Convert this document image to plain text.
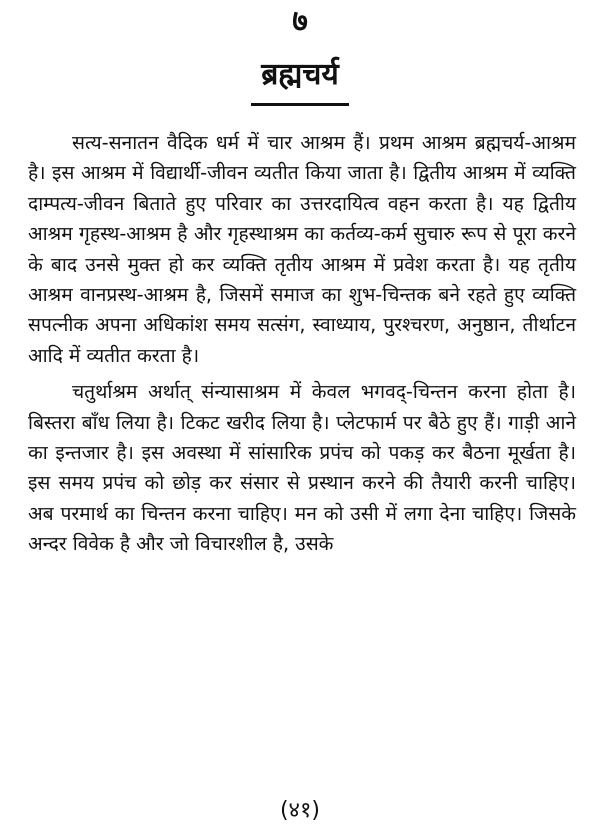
७
ब्रह्मचर्य

सत्य-सनातन वैदिक धर्म में चार आश्रम हैं। प्रथम आश्रम ब्रह्मचर्य-आश्रम है। इस आश्रम में विद्यार्थी-जीवन व्यतीत किया जाता है। द्वितीय आश्रम में व्यक्ति दाम्पत्य-जीवन बिताते हुए परिवार का उत्तरदायित्व वहन करता है। यह द्वितीय आश्रम गृहस्थ-आश्रम है और गृहस्थाश्रम का कर्तव्य-कर्म सुचारु रूप से पूरा करने के बाद उनसे मुक्त हो कर व्यक्ति तृतीय आश्रम में प्रवेश करता है। यह तृतीय आश्रम वानप्रस्थ-आश्रम है, जिसमें समाज का शुभ-चिन्तक बने रहते हुए व्यक्ति सपत्नीक अपना अधिकांश समय सत्संग, स्वाध्याय, पुरश्चरण, अनुष्ठान, तीर्थाटन आदि में व्यतीत करता है।

चतुर्थाश्रम अर्थात् संन्यासाश्रम में केवल भगवद्-चिन्तन करना होता है। बिस्तरा बाँध लिया है। टिकट खरीद लिया है। प्लेटफार्म पर बैठे हुए हैं। गाड़ी आने का इन्तजार है। इस अवस्था में सांसारिक प्रपंच को पकड़ कर बैठना मूर्खता है। इस समय प्रपंच को छोड़ कर संसार से प्रस्थान करने की तैयारी करनी चाहिए। अब परमार्थ का चिन्तन करना चाहिए। मन को उसी में लगा देना चाहिए। जिसके अन्दर विवेक है और जो विचारशील है, उसके

(४१)
